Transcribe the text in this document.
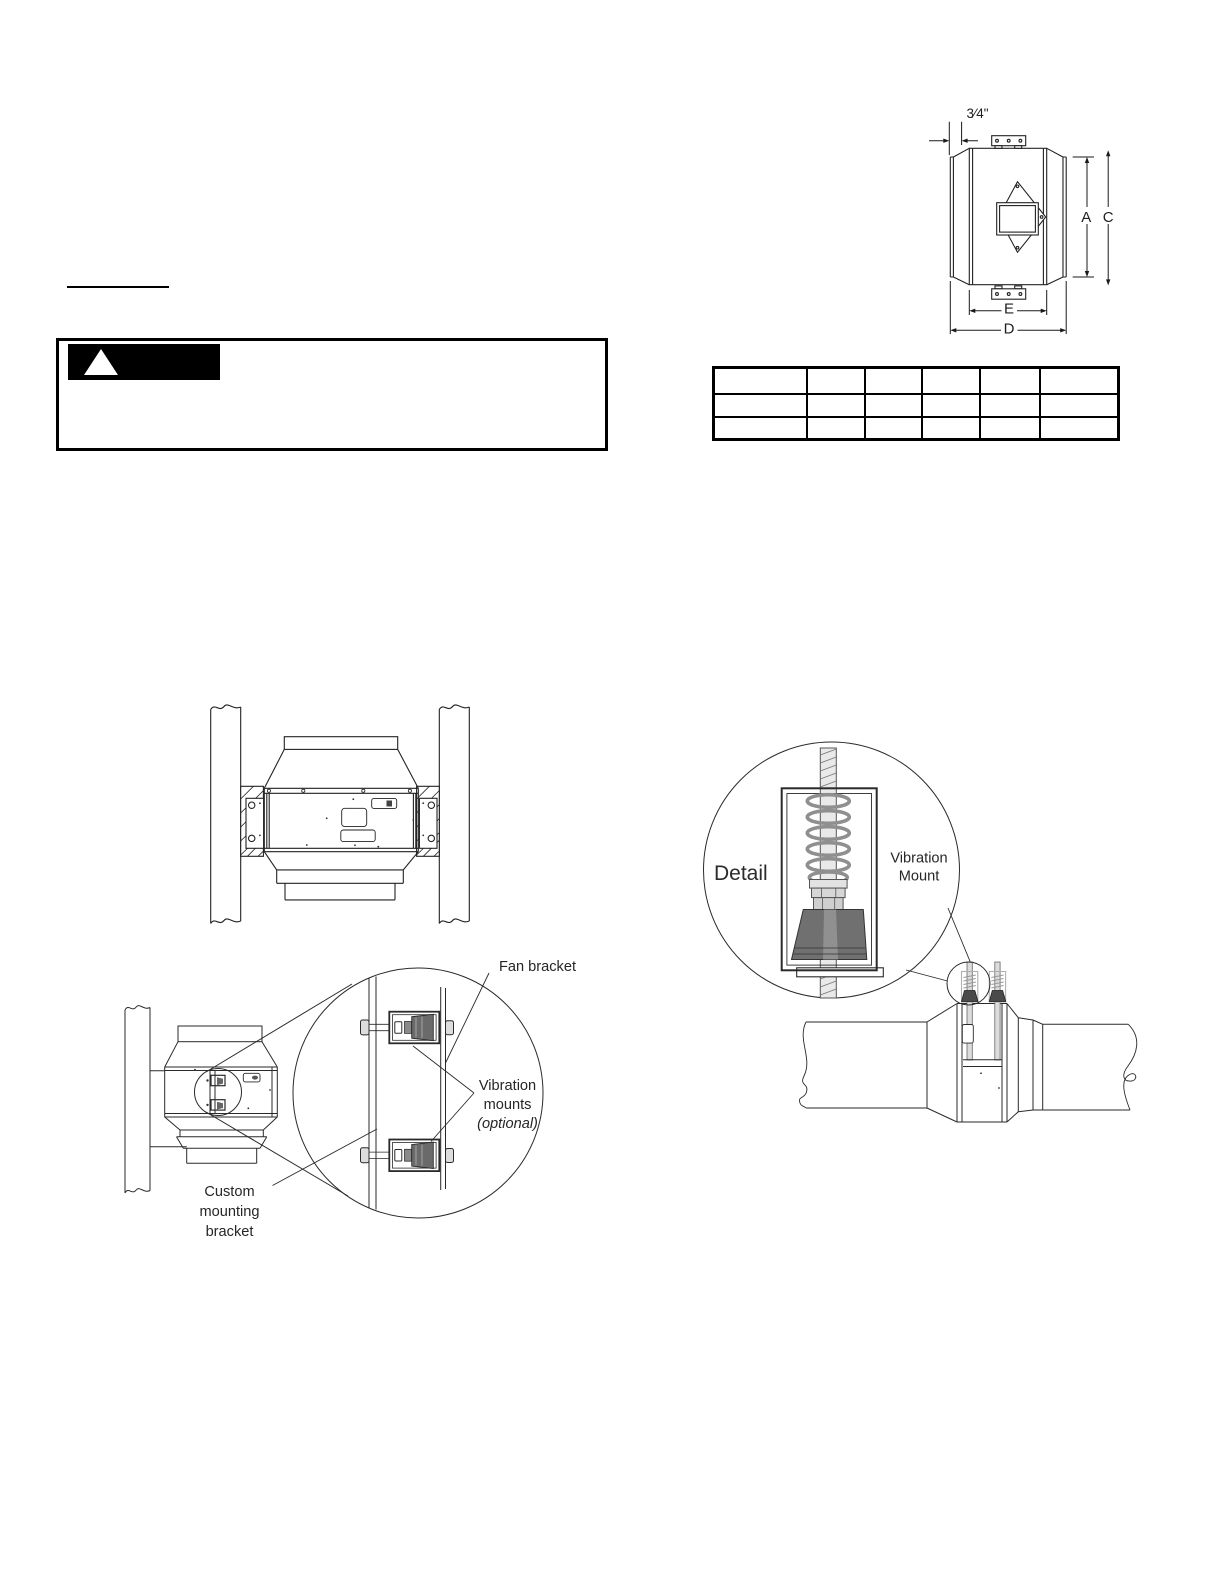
3⁄4"
A C
E
D

Fan bracket
Vibration
mounts
(optional)
Custom
mounting
bracket
Detail
Vibration
Mount
